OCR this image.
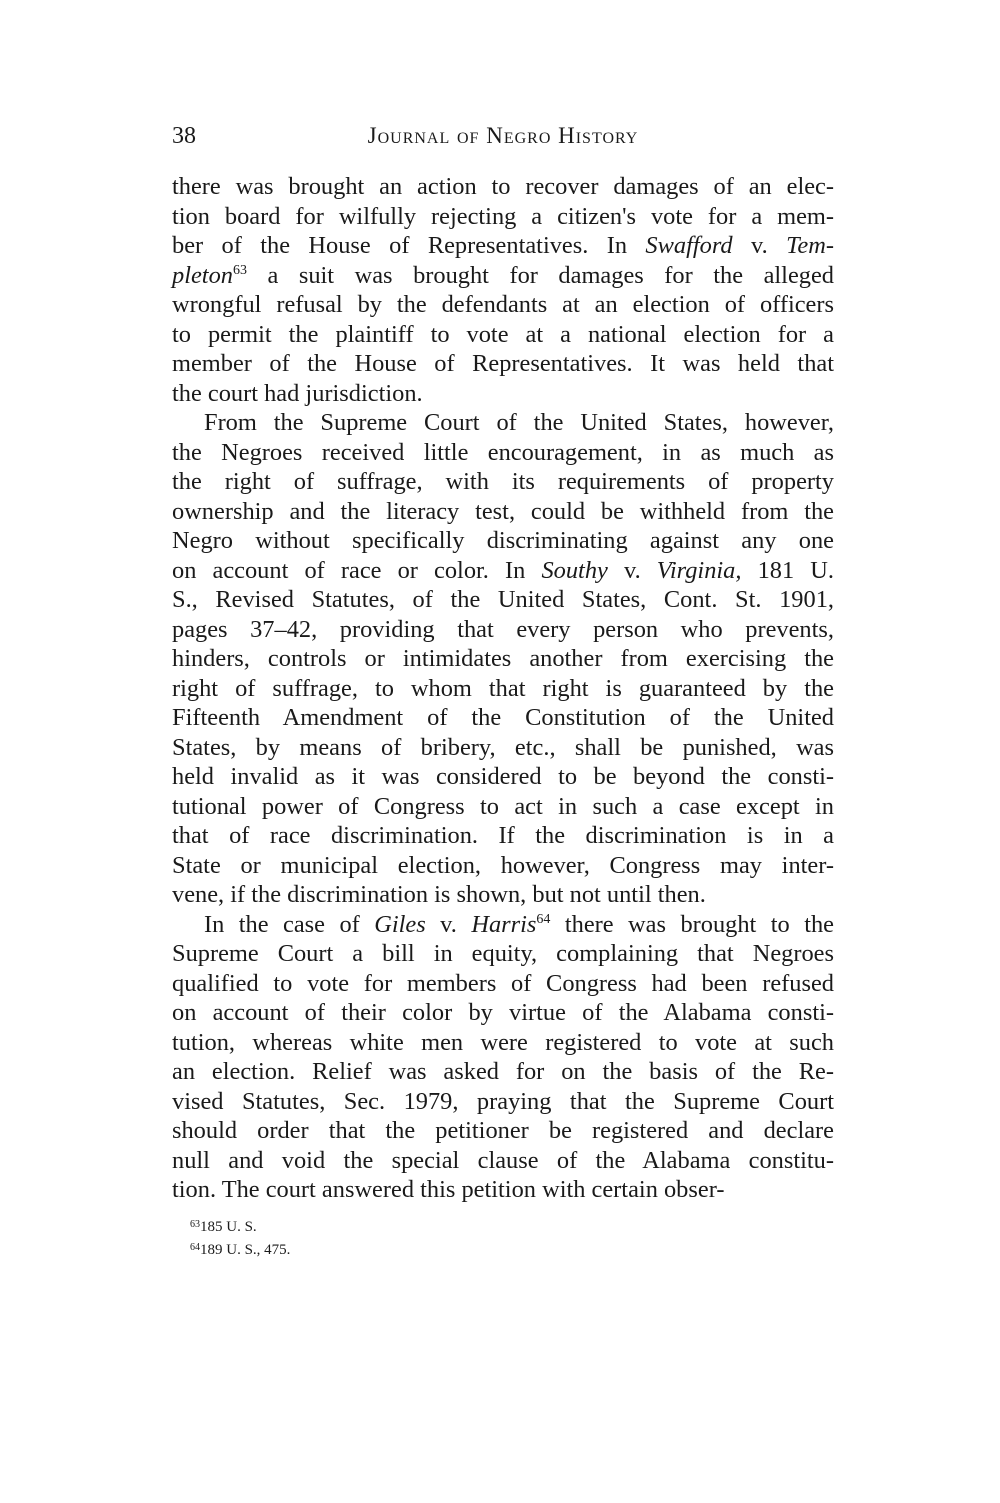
38	Journal of Negro History
there was brought an action to recover damages of an elec-
tion board for wilfully rejecting a citizen's vote for a mem-
ber of the House of Representatives. In Swafford v. Tem-
pleton$^{63}$ a suit was brought for damages for the alleged
wrongful refusal by the defendants at an election of officers
to permit the plaintiff to vote at a national election for a
member of the House of Representatives. It was held that
the court had jurisdiction.
From the Supreme Court of the United States, however,
the Negroes received little encouragement, in as much as
the right of suffrage, with its requirements of property
ownership and the literacy test, could be withheld from the
Negro without specifically discriminating against any one
on account of race or color. In Southy v. Virginia, 181 U.
S., Revised Statutes, of the United States, Cont. St. 1901,
pages 37–42, providing that every person who prevents,
hinders, controls or intimidates another from exercising the
right of suffrage, to whom that right is guaranteed by the
Fifteenth Amendment of the Constitution of the United
States, by means of bribery, etc., shall be punished, was
held invalid as it was considered to be beyond the consti-
tutional power of Congress to act in such a case except in
that of race discrimination. If the discrimination is in a
State or municipal election, however, Congress may inter-
vene, if the discrimination is shown, but not until then.
In the case of Giles v. Harris$^{64}$ there was brought to the
Supreme Court a bill in equity, complaining that Negroes
qualified to vote for members of Congress had been refused
on account of their color by virtue of the Alabama consti-
tution, whereas white men were registered to vote at such
an election. Relief was asked for on the basis of the Re-
vised Statutes, Sec. 1979, praying that the Supreme Court
should order that the petitioner be registered and declare
null and void the special clause of the Alabama constitu-
tion. The court answered this petition with certain obser-
$^{63}$185 U. S.
$^{64}$189 U. S., 475.
